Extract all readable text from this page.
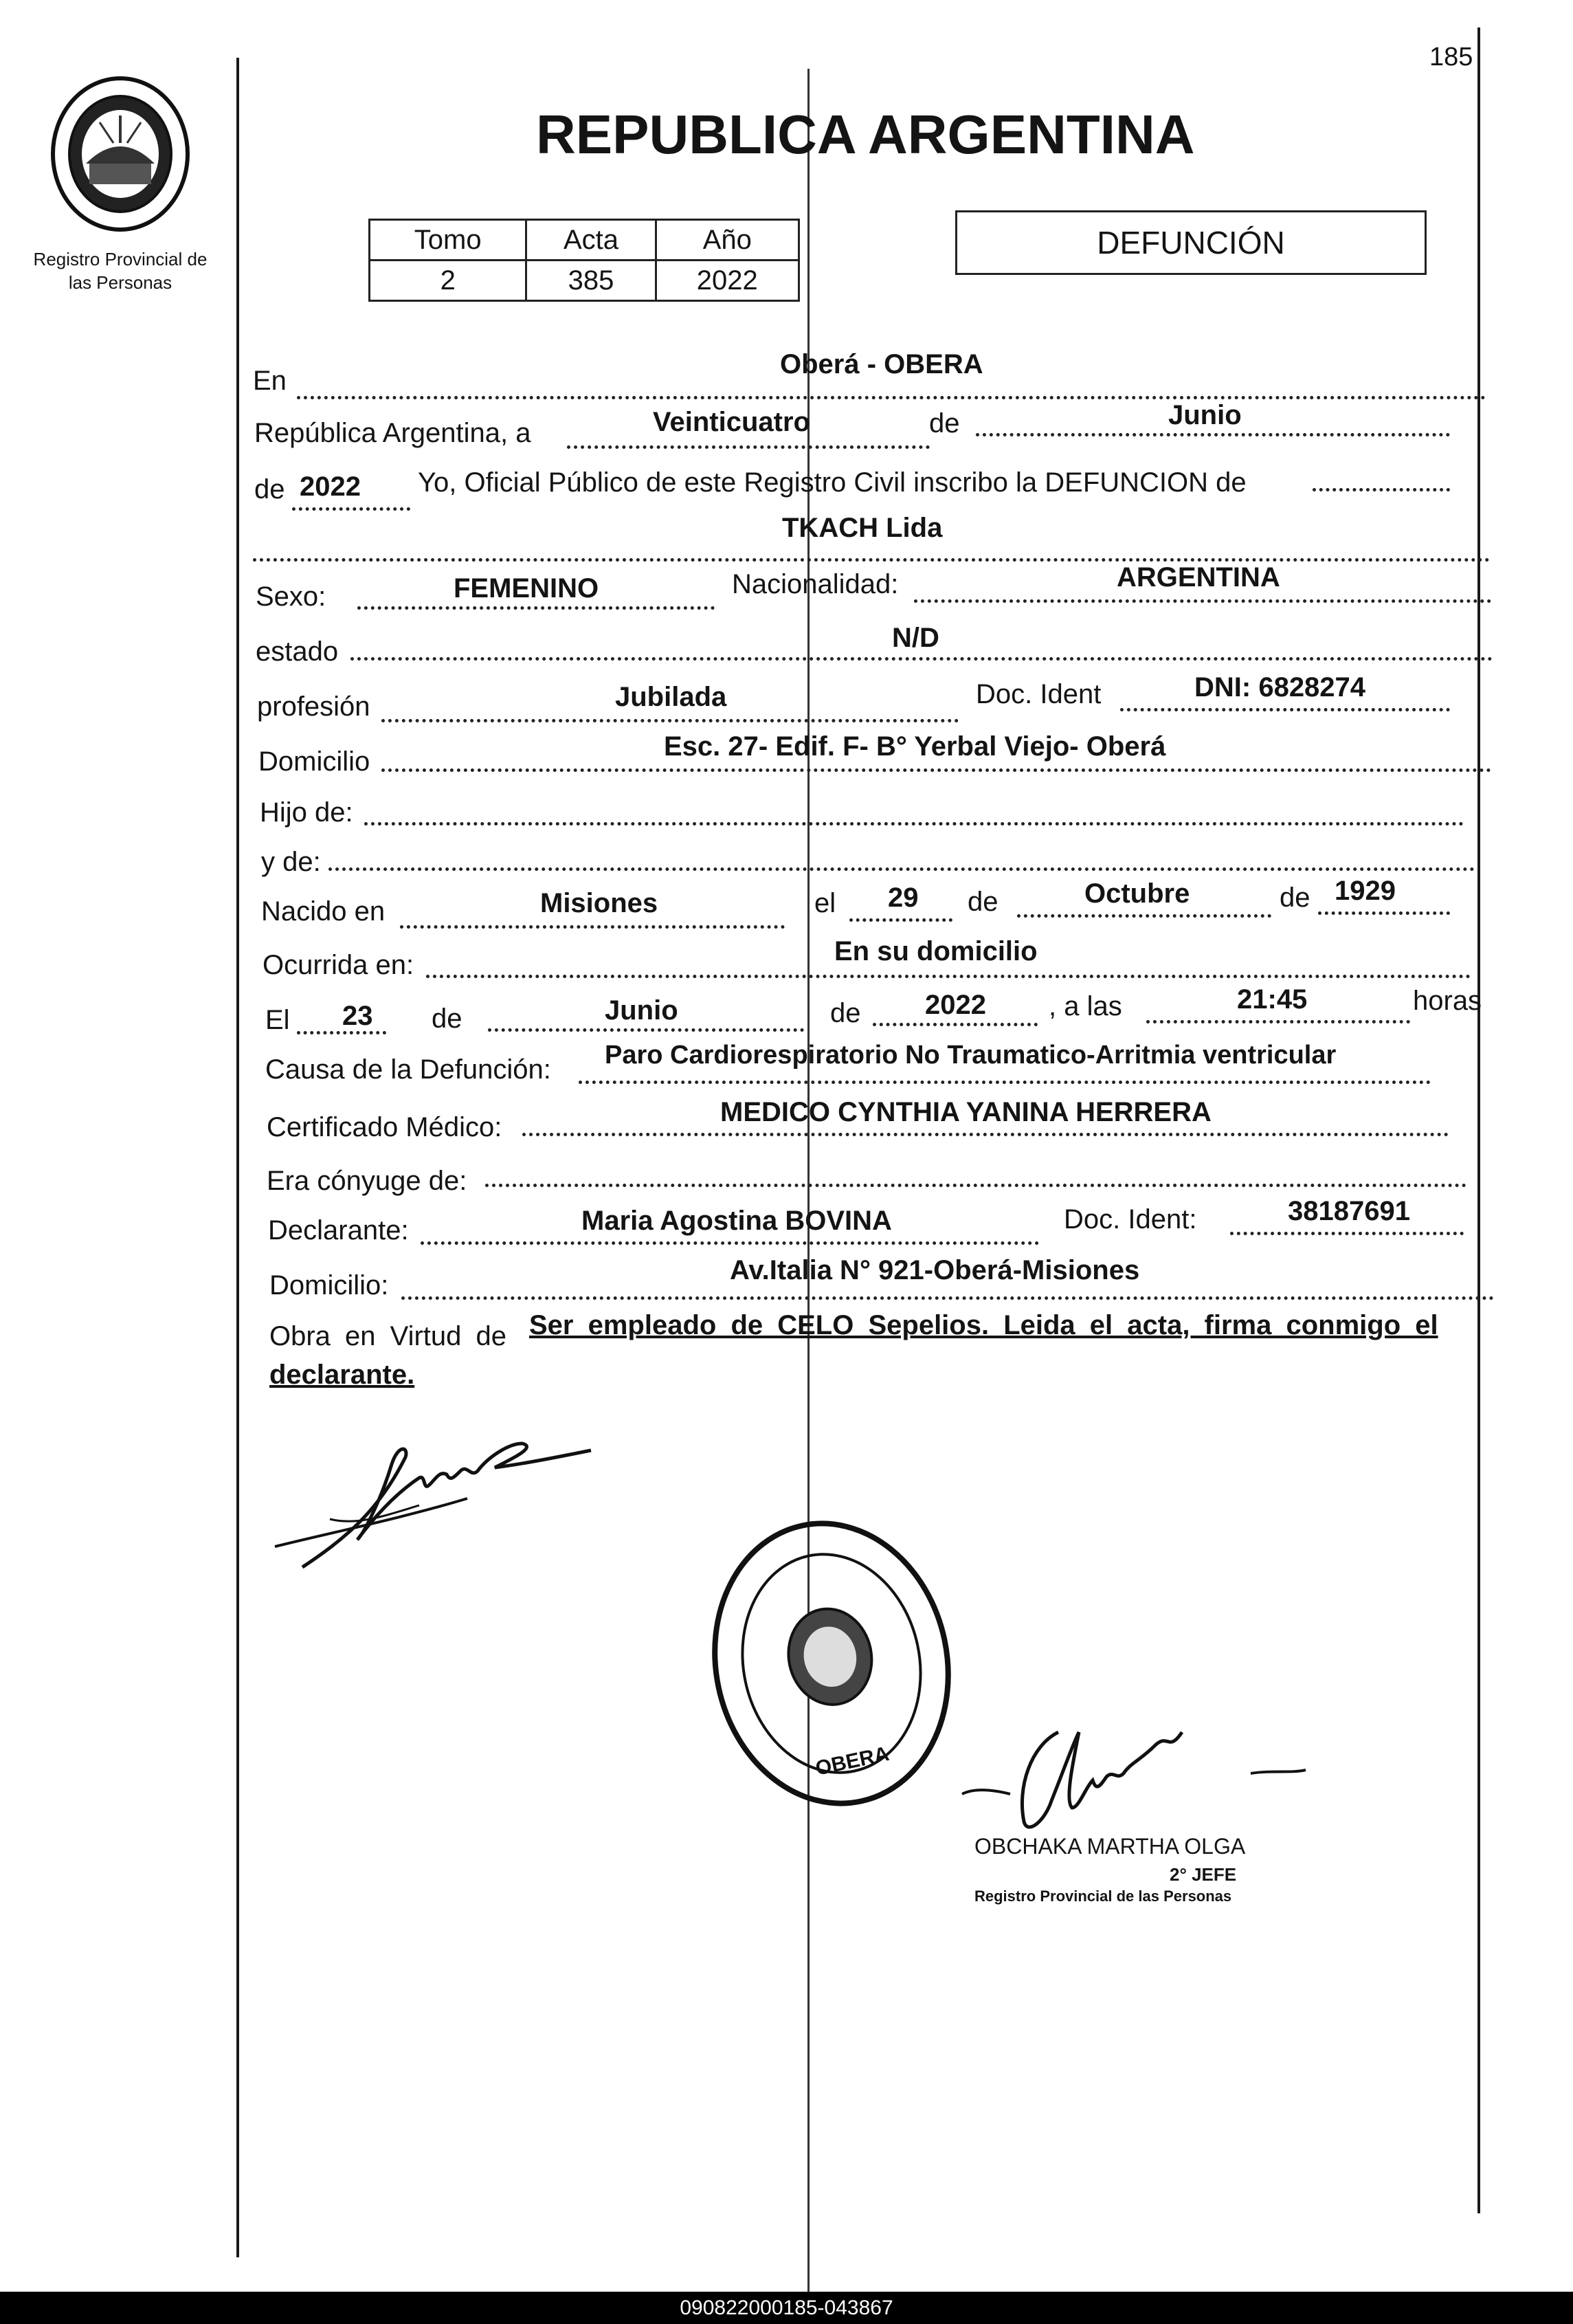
185
Registro Provincial de
las Personas
REPUBLICA ARGENTINA
Tomo	Acta	Año
2	385	2022
DEFUNCIÓN
En
Oberá - OBERA
República Argentina, a	Veinticuatro	de	Junio
de 2022 Yo, Oficial Público de este Registro Civil inscribo la DEFUNCION de
TKACH Lida
Sexo:	FEMENINO	Nacionalidad:	ARGENTINA
estado	N/D
profesión	Jubilada	Doc. Ident	DNI: 6828274
Domicilio	Esc. 27- Edif. F- B° Yerbal Viejo- Oberá
Hijo de:
y de:
Nacido en	Misiones	el 29 de	Octubre	de 1929
Ocurrida en:	En su domicilio
El 23 de	Junio	de 2022 , a las	21:45	horas
Causa de la Defunción: Paro Cardiorespiratorio No Traumatico-Arritmia ventricular
Certificado Médico:	MEDICO CYNTHIA YANINA HERRERA
Era cónyuge de:
Declarante:	Maria Agostina BOVINA	Doc. Ident:	38187691
Domicilio:	Av.Italia N° 921-Oberá-Misiones
Obra en Virtud de Ser empleado de CELO Sepelios. Leida el acta, firma conmigo el
declarante.
OBERA
OBCHAKA MARTHA OLGA
2° JEFE
Registro Provincial de las Personas
090822000185-043867
